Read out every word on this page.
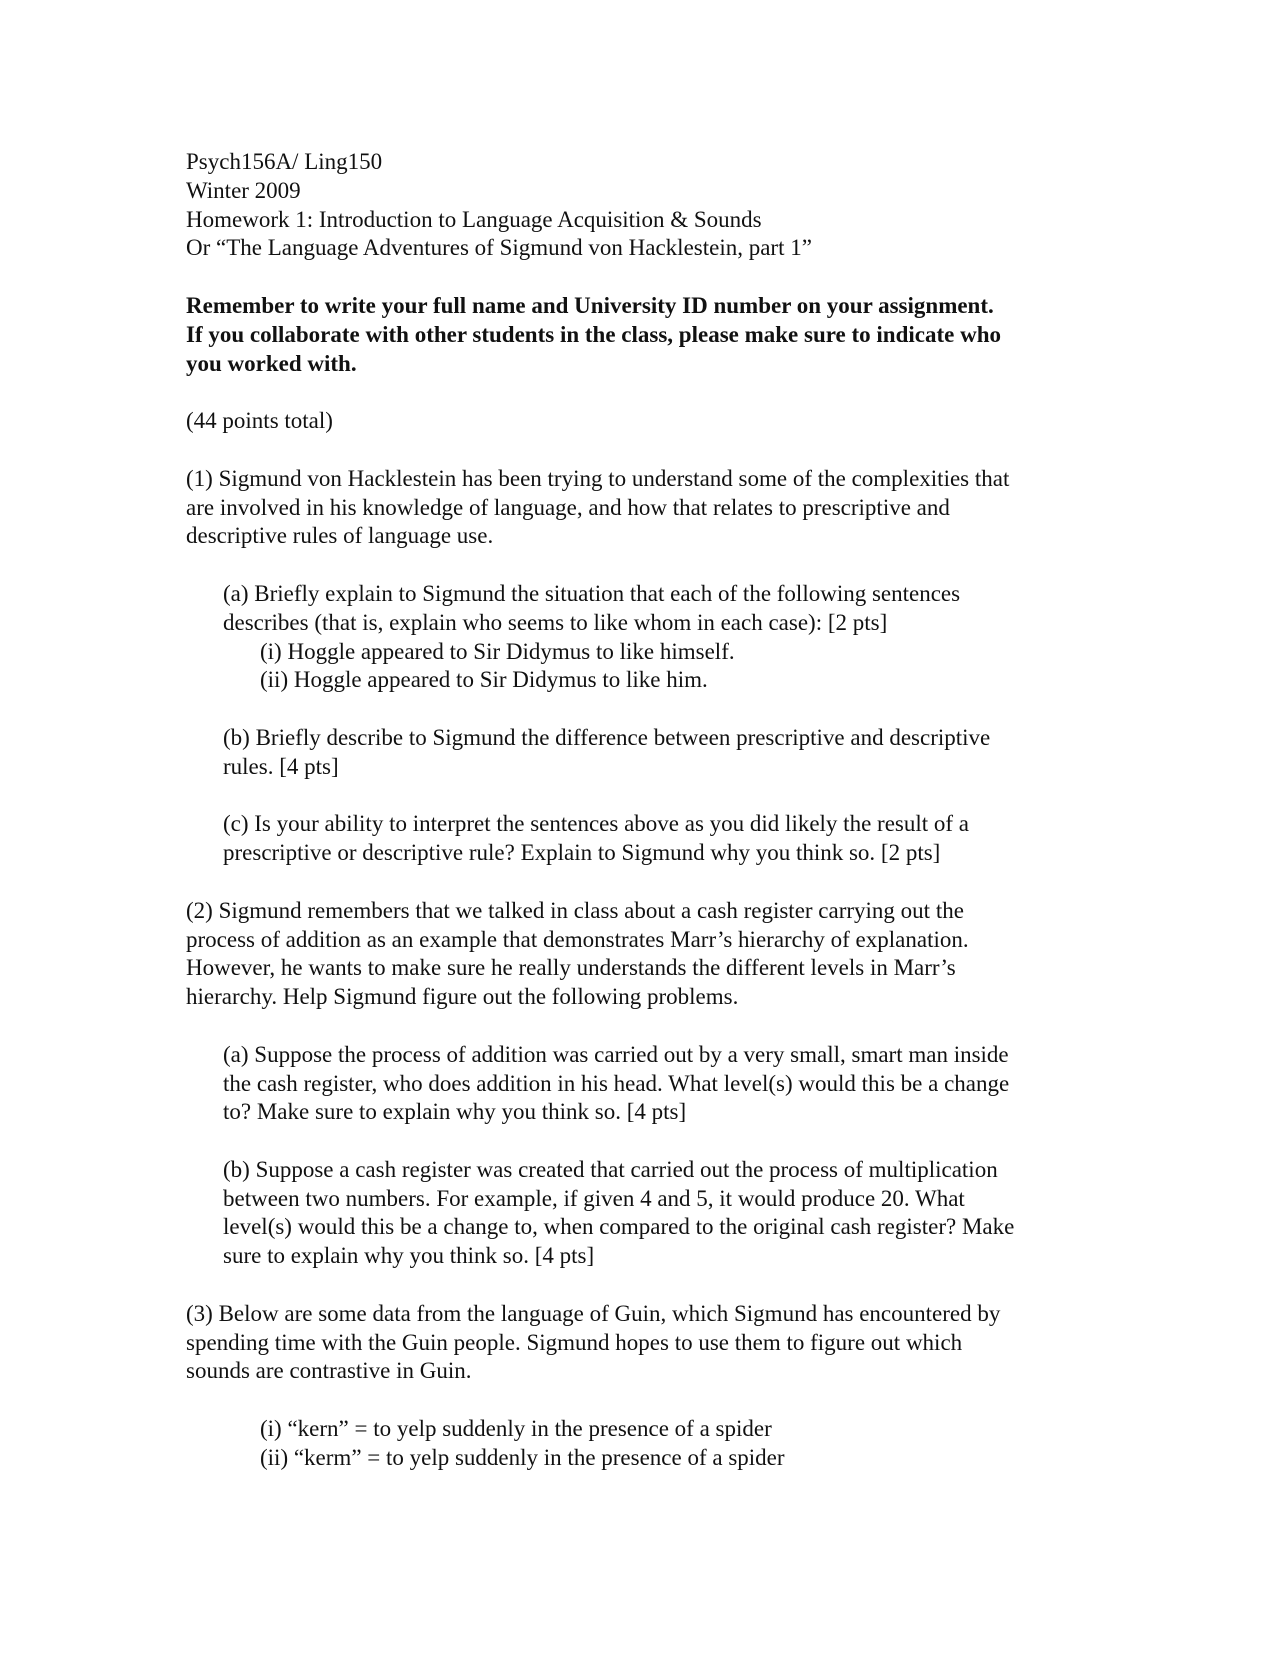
Psych156A/ Ling150
Winter 2009
Homework 1: Introduction to Language Acquisition & Sounds
Or “The Language Adventures of Sigmund von Hacklestein, part 1”
Remember to write your full name and University ID number on your assignment.
If you collaborate with other students in the class, please make sure to indicate who
you worked with.
(44 points total)
(1) Sigmund von Hacklestein has been trying to understand some of the complexities that
are involved in his knowledge of language, and how that relates to prescriptive and
descriptive rules of language use.
(a) Briefly explain to Sigmund the situation that each of the following sentences
describes (that is, explain who seems to like whom in each case): [2 pts]
(i) Hoggle appeared to Sir Didymus to like himself.
(ii) Hoggle appeared to Sir Didymus to like him.
(b) Briefly describe to Sigmund the difference between prescriptive and descriptive
rules. [4 pts]
(c) Is your ability to interpret the sentences above as you did likely the result of a
prescriptive or descriptive rule? Explain to Sigmund why you think so. [2 pts]
(2) Sigmund remembers that we talked in class about a cash register carrying out the
process of addition as an example that demonstrates Marr’s hierarchy of explanation.
However, he wants to make sure he really understands the different levels in Marr’s
hierarchy. Help Sigmund figure out the following problems.
(a) Suppose the process of addition was carried out by a very small, smart man inside
the cash register, who does addition in his head. What level(s) would this be a change
to? Make sure to explain why you think so. [4 pts]
(b) Suppose a cash register was created that carried out the process of multiplication
between two numbers. For example, if given 4 and 5, it would produce 20. What
level(s) would this be a change to, when compared to the original cash register? Make
sure to explain why you think so. [4 pts]
(3) Below are some data from the language of Guin, which Sigmund has encountered by
spending time with the Guin people. Sigmund hopes to use them to figure out which
sounds are contrastive in Guin.
(i) “kern” = to yelp suddenly in the presence of a spider
(ii) “kerm” = to yelp suddenly in the presence of a spider
